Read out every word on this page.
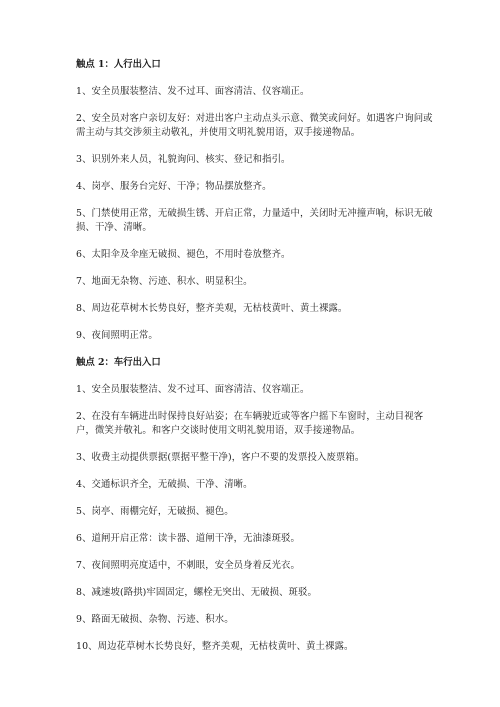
触点 1：人行出入口

1、安全员服装整洁、发不过耳、面容清洁、仪容端正。

2、安全员对客户亲切友好：对进出客户主动点头示意、微笑或问好。如遇客户询问或需主动与其交涉须主动敬礼，并使用文明礼貌用语，双手接递物品。

3、识别外来人员，礼貌询问、核实、登记和指引。

4、岗亭、服务台完好、干净；物品摆放整齐。

5、门禁使用正常，无破损生锈、开启正常，力量适中，关闭时无冲撞声响，标识无破损、干净、清晰。

6、太阳伞及伞座无破损、褪色，不用时卷放整齐。

7、地面无杂物、污迹、积水、明显积尘。

8、周边花草树木长势良好，整齐美观，无枯枝黄叶、黄土裸露。

9、夜间照明正常。

触点 2：车行出入口

1、安全员服装整洁、发不过耳、面容清洁、仪容端正。

2、在没有车辆进出时保持良好站姿；在车辆驶近或等客户摇下车窗时，主动目视客户，微笑并敬礼。和客户交谈时使用文明礼貌用语，双手接递物品。

3、收费主动提供票据(票据平整干净)，客户不要的发票投入废票箱。

4、交通标识齐全，无破损、干净、清晰。

5、岗亭、雨棚完好，无破损、褪色。

6、道闸开启正常：读卡器、道闸干净，无油漆斑驳。

7、夜间照明亮度适中，不刺眼，安全员身着反光衣。

8、减速坡(路拱)牢固固定，螺栓无突出、无破损、斑驳。

9、路面无破损、杂物、污迹、积水。

10、周边花草树木长势良好，整齐美观，无枯枝黄叶、黄土裸露。
